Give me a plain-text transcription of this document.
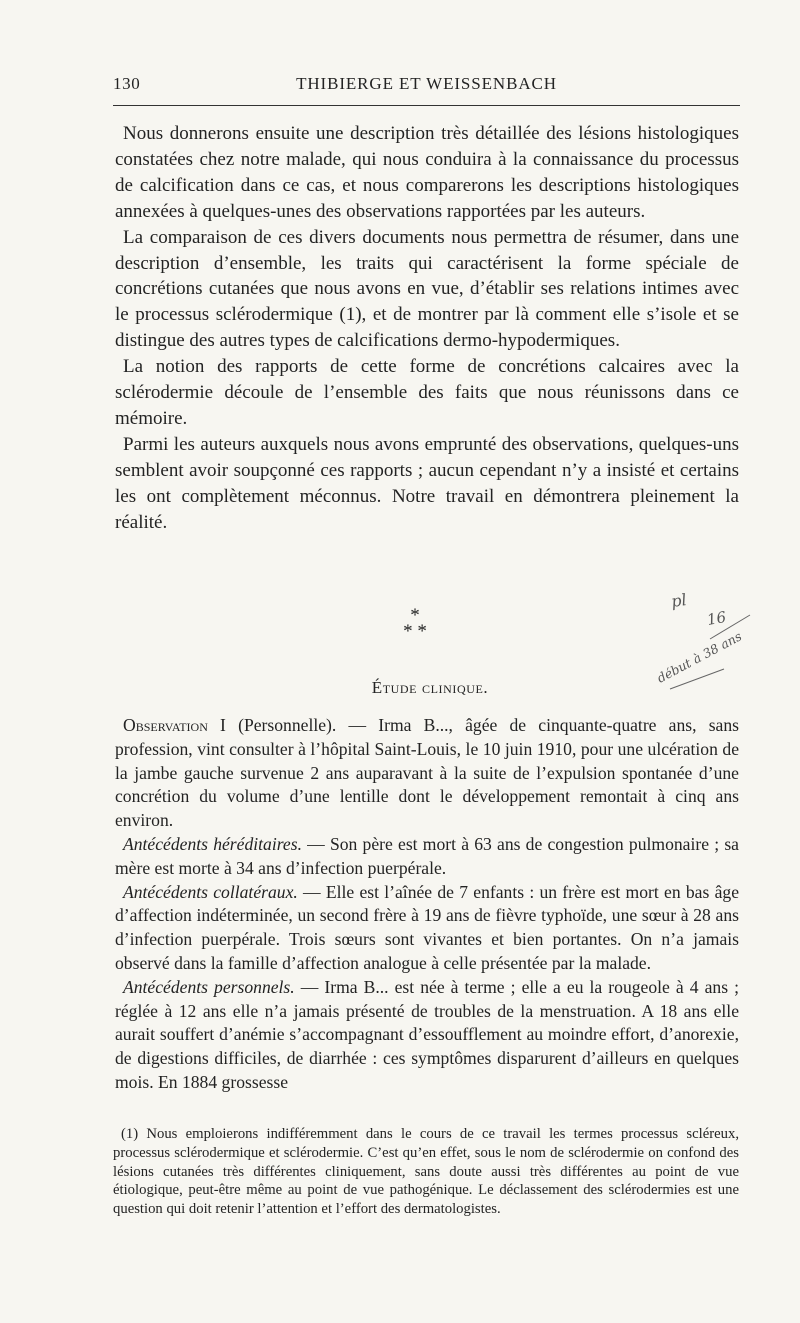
130	THIBIERGE ET WEISSENBACH

Nous donnerons ensuite une description très détaillée des lésions histologiques constatées chez notre malade, qui nous conduira à la connaissance du processus de calcification dans ce cas, et nous comparerons les descriptions histologiques annexées à quelques-unes des observations rapportées par les auteurs.

La comparaison de ces divers documents nous permettra de résumer, dans une description d’ensemble, les traits qui caractérisent la forme spéciale de concrétions cutanées que nous avons en vue, d’établir ses relations intimes avec le processus sclérodermique (1), et de montrer par là comment elle s’isole et se distingue des autres types de calcifications dermo-hypodermiques.

La notion des rapports de cette forme de concrétions calcaires avec la sclérodermie découle de l’ensemble des faits que nous réunissons dans ce mémoire.

Parmi les auteurs auxquels nous avons emprunté des observations, quelques-uns semblent avoir soupçonné ces rapports ; aucun cependant n’y a insisté et certains les ont complètement méconnus. Notre travail en démontrera pleinement la réalité.

*
* *
pl
16
début à 38 ans
Étude clinique.

Observation I (Personnelle). — Irma B..., âgée de cinquante-quatre ans, sans profession, vint consulter à l’hôpital Saint-Louis, le 10 juin 1910, pour une ulcération de la jambe gauche survenue 2 ans auparavant à la suite de l’expulsion spontanée d’une concrétion du volume d’une lentille dont le développement remontait à cinq ans environ.

Antécédents héréditaires. — Son père est mort à 63 ans de congestion pulmonaire ; sa mère est morte à 34 ans d’infection puerpérale.

Antécédents collatéraux. — Elle est l’aînée de 7 enfants : un frère est mort en bas âge d’affection indéterminée, un second frère à 19 ans de fièvre typhoïde, une sœur à 28 ans d’infection puerpérale. Trois sœurs sont vivantes et bien portantes. On n’a jamais observé dans la famille d’affection analogue à celle présentée par la malade.

Antécédents personnels. — Irma B... est née à terme ; elle a eu la rougeole à 4 ans ; réglée à 12 ans elle n’a jamais présenté de troubles de la menstruation. A 18 ans elle aurait souffert d’anémie s’accompagnant d’essoufflement au moindre effort, d’anorexie, de digestions difficiles, de diarrhée : ces symptômes disparurent d’ailleurs en quelques mois. En 1884 grossesse

(1) Nous emploierons indifféremment dans le cours de ce travail les termes processus scléreux, processus sclérodermique et sclérodermie. C’est qu’en effet, sous le nom de sclérodermie on confond des lésions cutanées très différentes cliniquement, sans doute aussi très différentes au point de vue étiologique, peut-être même au point de vue pathogénique. Le déclassement des sclérodermies est une question qui doit retenir l’attention et l’effort des dermatologistes.
